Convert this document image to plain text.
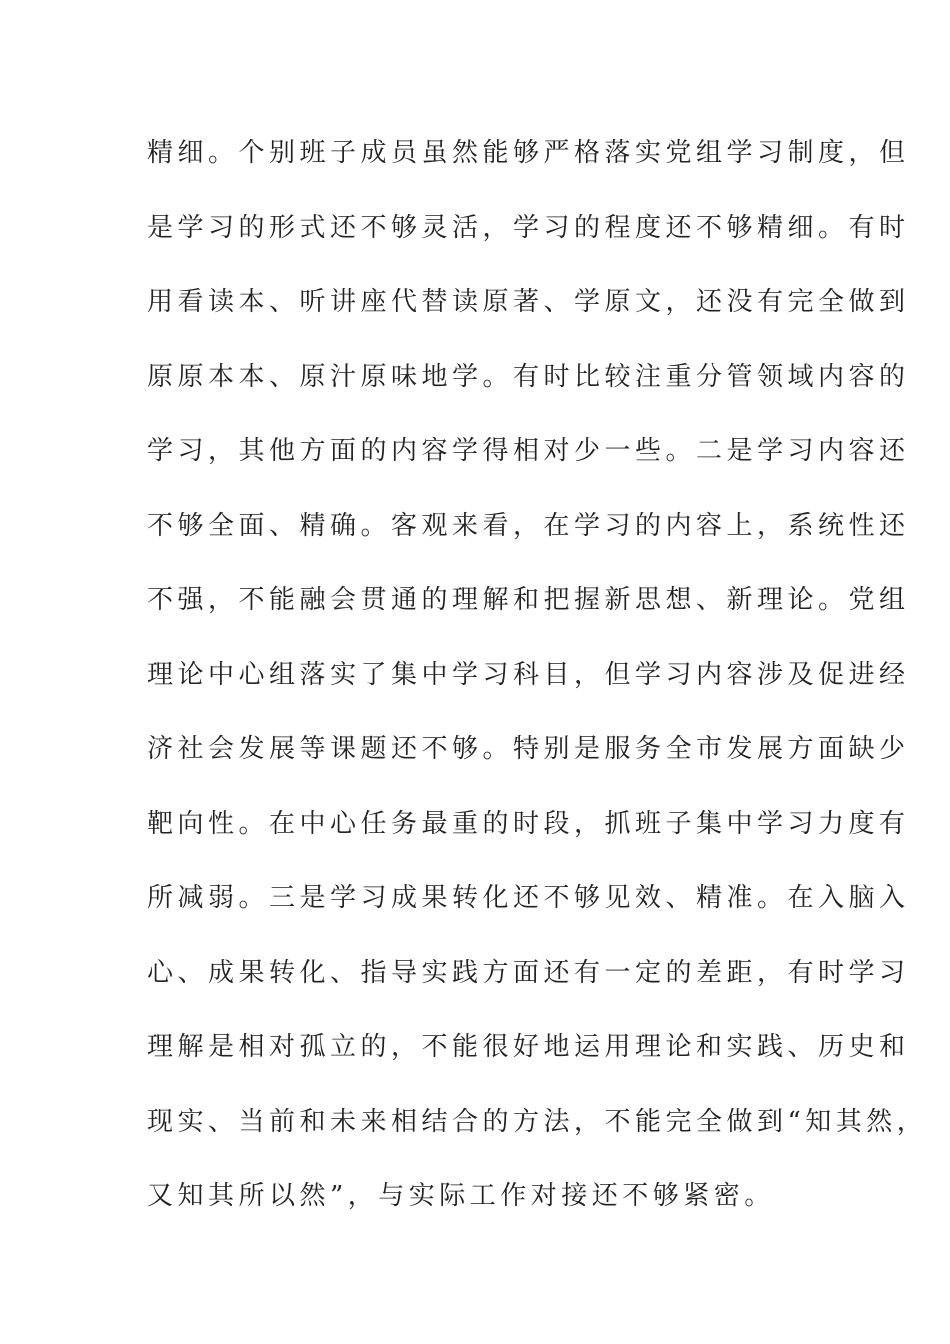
精细。个别班子成员虽然能够严格落实党组学习制度，但
是学习的形式还不够灵活，学习的程度还不够精细。有时
用看读本、听讲座代替读原著、学原文，还没有完全做到
原原本本、原汁原味地学。有时比较注重分管领域内容的
学习，其他方面的内容学得相对少一些。二是学习内容还
不够全面、精确。客观来看，在学习的内容上，系统性还
不强，不能融会贯通的理解和把握新思想、新理论。党组
理论中心组落实了集中学习科目，但学习内容涉及促进经
济社会发展等课题还不够。特别是服务全市发展方面缺少
靶向性。在中心任务最重的时段，抓班子集中学习力度有
所减弱。三是学习成果转化还不够见效、精准。在入脑入
心、成果转化、指导实践方面还有一定的差距，有时学习
理解是相对孤立的，不能很好地运用理论和实践、历史和
现实、当前和未来相结合的方法，不能完全做到“知其然，
又知其所以然”，与实际工作对接还不够紧密。
